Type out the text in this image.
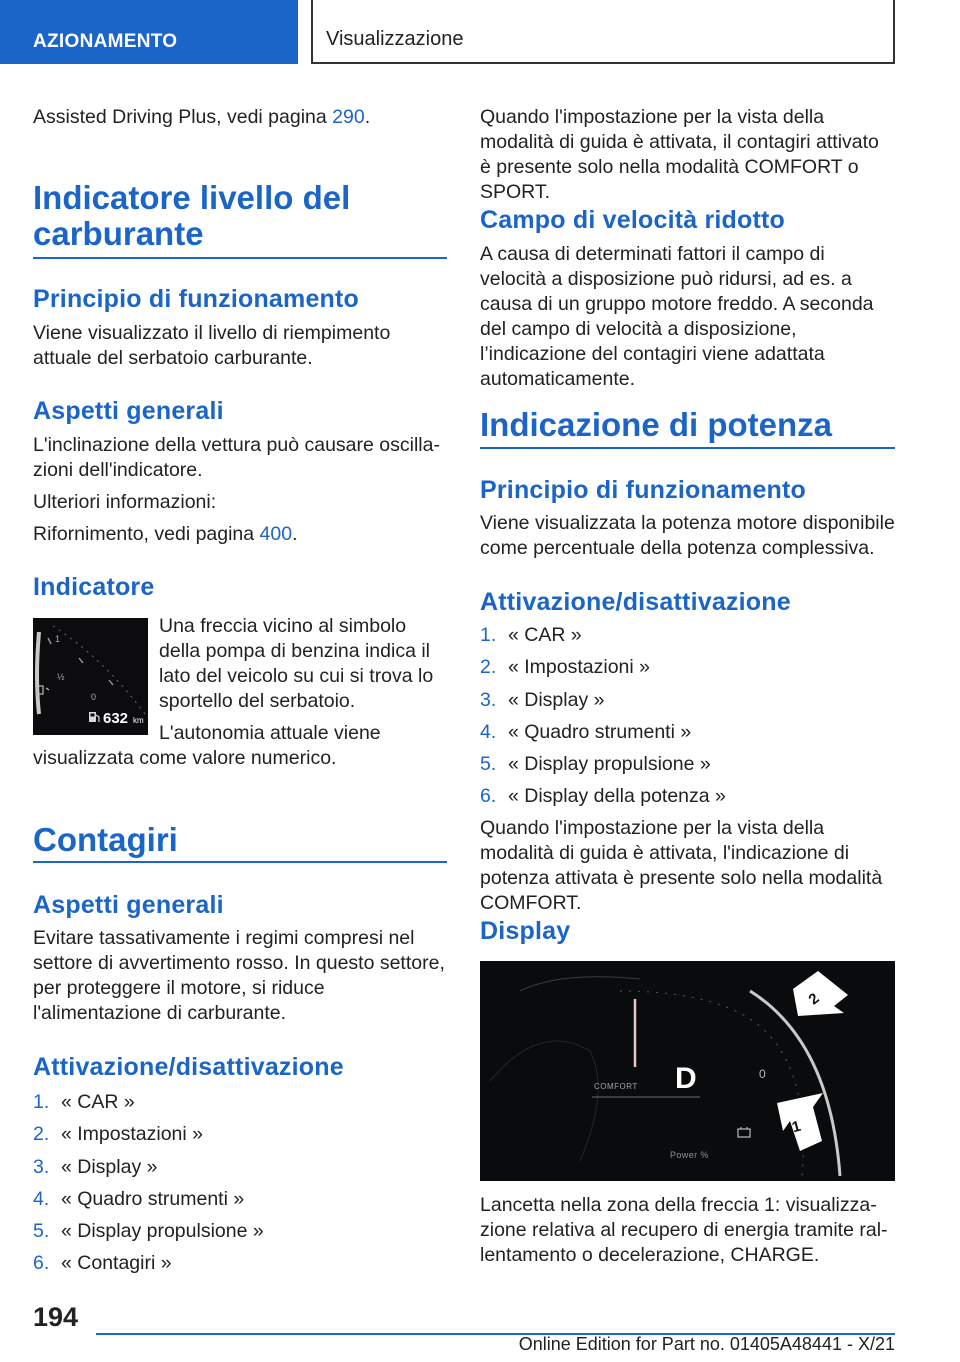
AZIONAMENTO	Visualizzazione

Assisted Driving Plus, vedi pagina 290.

Indicatore livello del carburante
Principio di funzionamento

Viene visualizzato il livello di riempimento attuale del serbatoio carburante.

Aspetti generali

L'inclinazione della vettura può causare oscillazioni dell'indicatore.

Ulteriori informazioni:

Rifornimento, vedi pagina 400.

Indicatore

Una freccia vicino al simbolo della pompa di benzina indica il lato del veicolo su cui si trova lo sportello del serbatoio.

L'autonomia attuale viene visualizzata come valore numerico.

Contagiri
Aspetti generali

Evitare tassativamente i regimi compresi nel settore di avvertimento rosso. In questo settore, per proteggere il motore, si riduce l'alimentazione di carburante.

Attivazione/disattivazione
1. « CAR »
2. « Impostazioni »
3. « Display »
4. « Quadro strumenti »
5. « Display propulsione »
6. « Contagiri »
1
½
0
632 km

Quando l'impostazione per la vista della modalità di guida è attivata, il contagiri attivato è presente solo nella modalità COMFORT o SPORT.

Campo di velocità ridotto

A causa di determinati fattori il campo di velocità a disposizione può ridursi, ad es. a causa di un gruppo motore freddo. A seconda del campo di velocità a disposizione, l’indicazione del contagiri viene adattata automaticamente.

Indicazione di potenza
Principio di funzionamento

Viene visualizzata la potenza motore disponibile come percentuale della potenza complessiva.

Attivazione/disattivazione
1. « CAR »
2. « Impostazioni »
3. « Display »
4. « Quadro strumenti »
5. « Display propulsione »
6. « Display della potenza »

Quando l'impostazione per la vista della modalità di guida è attivata, l'indicazione di potenza attivata è presente solo nella modalità COMFORT.

Display

Lancetta nella zona della freccia 1: visualizzazione relativa al recupero di energia tramite rallentamento o decelerazione, CHARGE.

COMFORT D	0
Power %
2
1
194
Online Edition for Part no. 01405A48441 - X/21
